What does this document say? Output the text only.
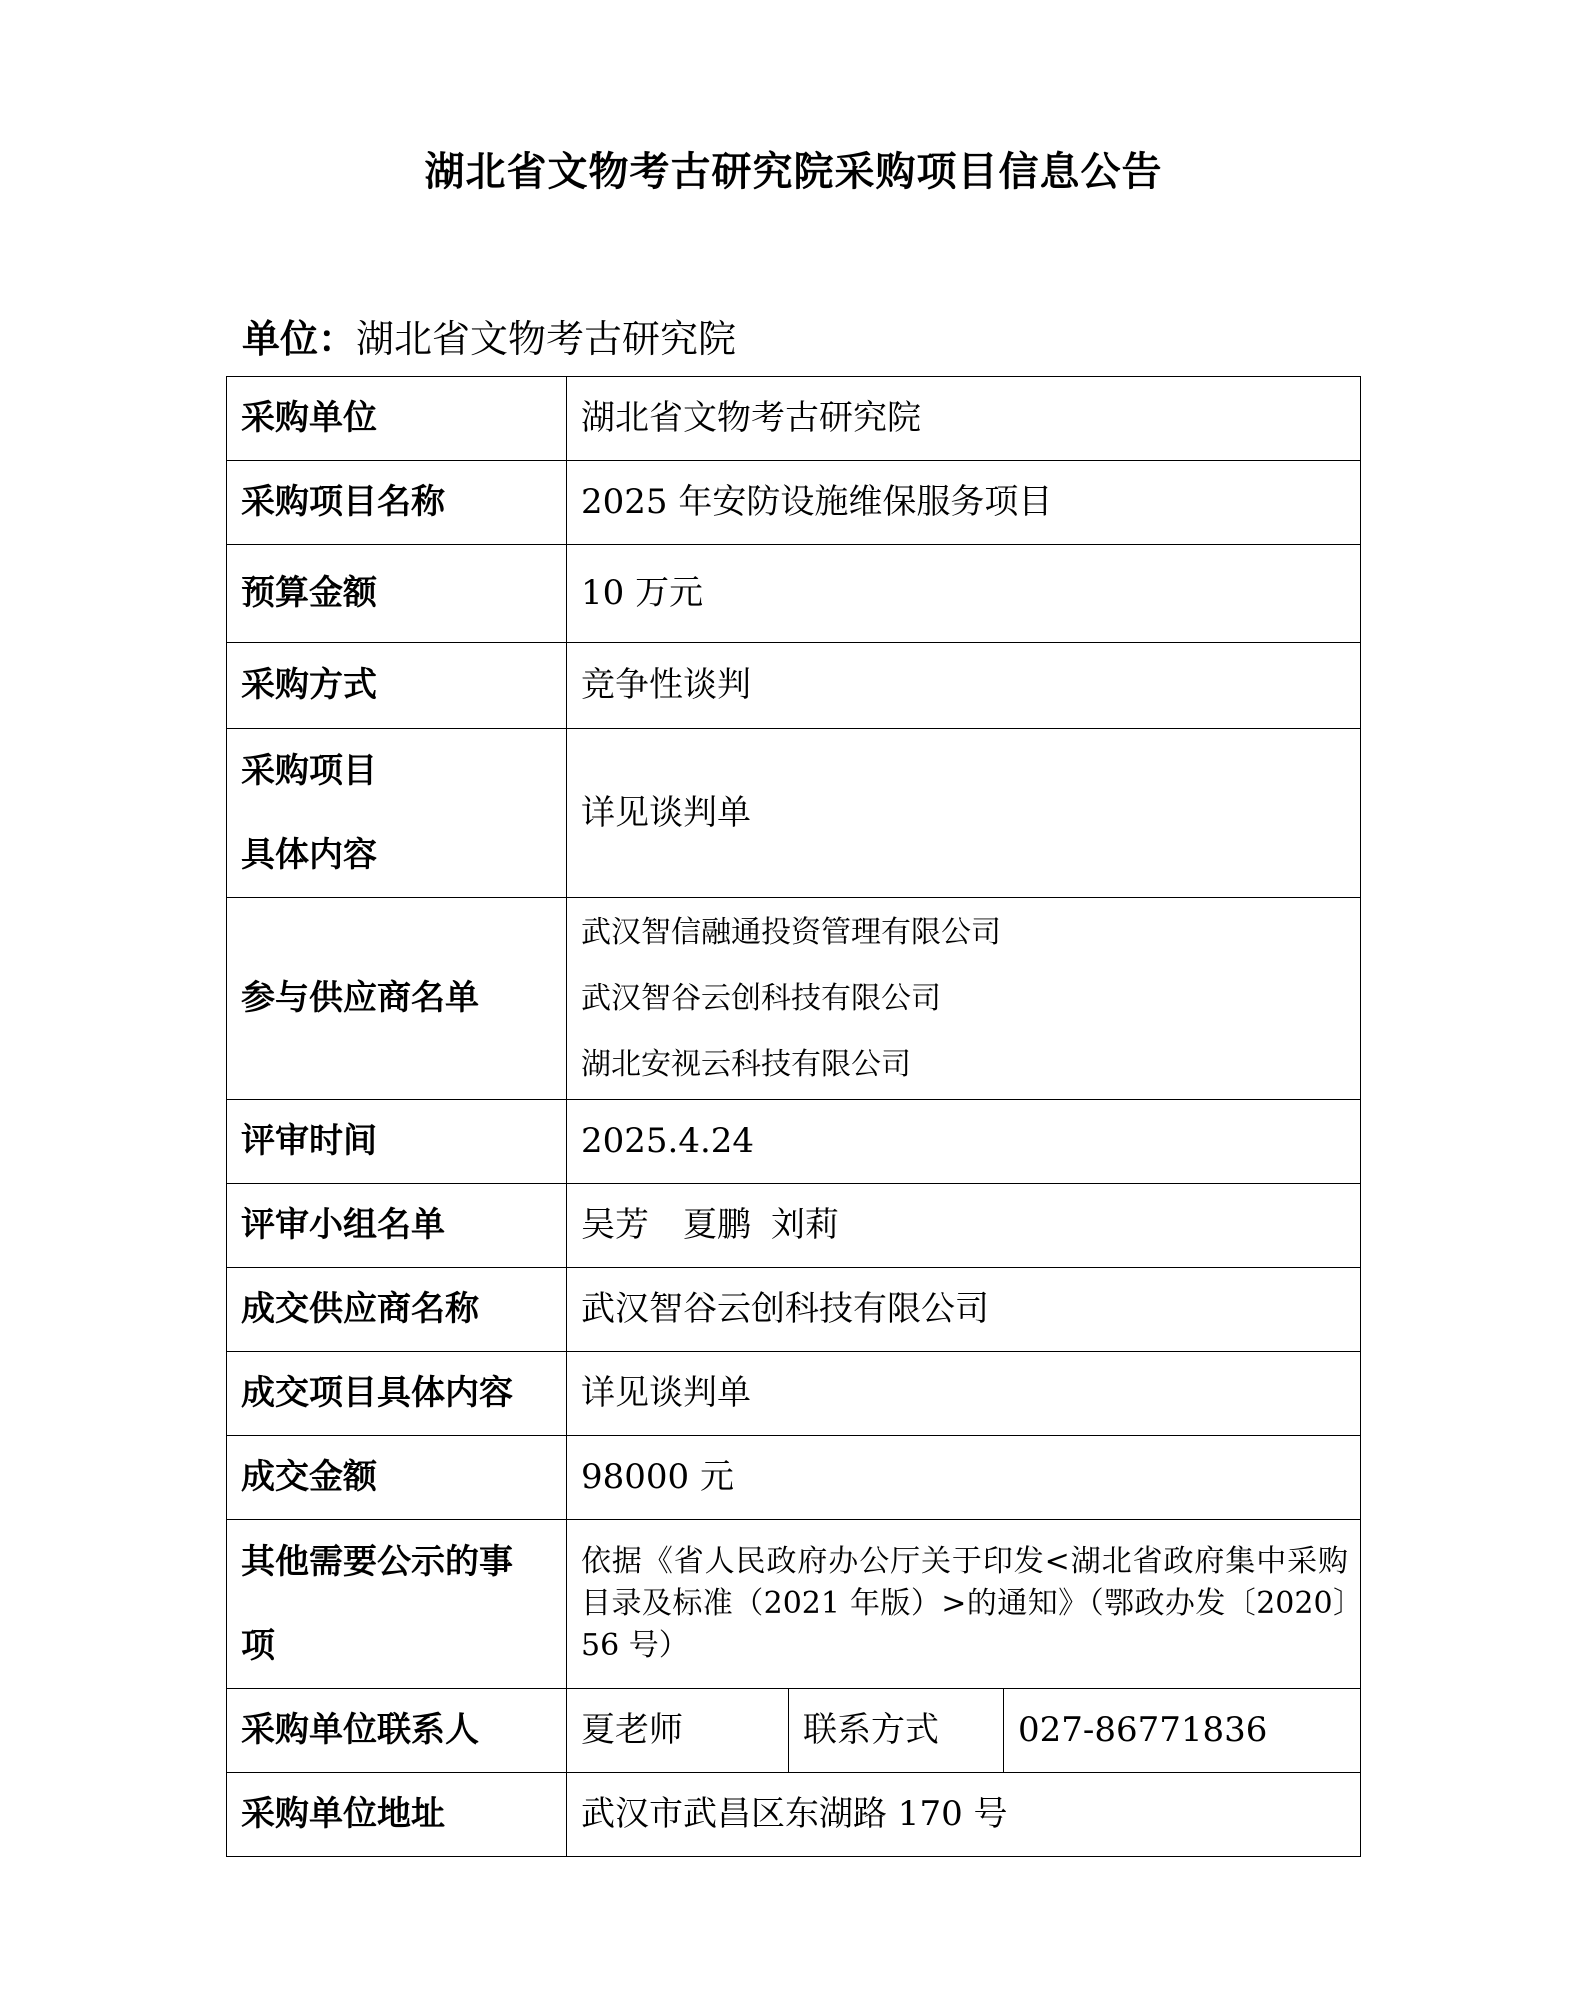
湖北省文物考古研究院采购项目信息公告
单位：湖北省文物考古研究院
采购单位	湖北省文物考古研究院		
采购项目名称	2025 年安防设施维保服务项目		
预算金额	10 万元		
采购方式	竞争性谈判		

采购项目
具体内容	详见谈判单		
参与供应商名单	武汉智信融通投资管理有限公司
武汉智谷云创科技有限公司
湖北安视云科技有限公司		

评审时间	2025.4.24		
评审小组名单	吴芳 夏鹏 刘莉		
成交供应商名称	武汉智谷云创科技有限公司		
成交项目具体内容	详见谈判单		
成交金额	98000 元		

其他需要公示的事
项	依据《省人民政府办公厅关于印发<湖北省政府集中采购目录及标准（2021 年版）>的通知》（鄂政办发〔2020〕56 号）		
采购单位联系人	夏老师	联系方式	027-86771836
采购单位地址	武汉市武昌区东湖路 170 号		
